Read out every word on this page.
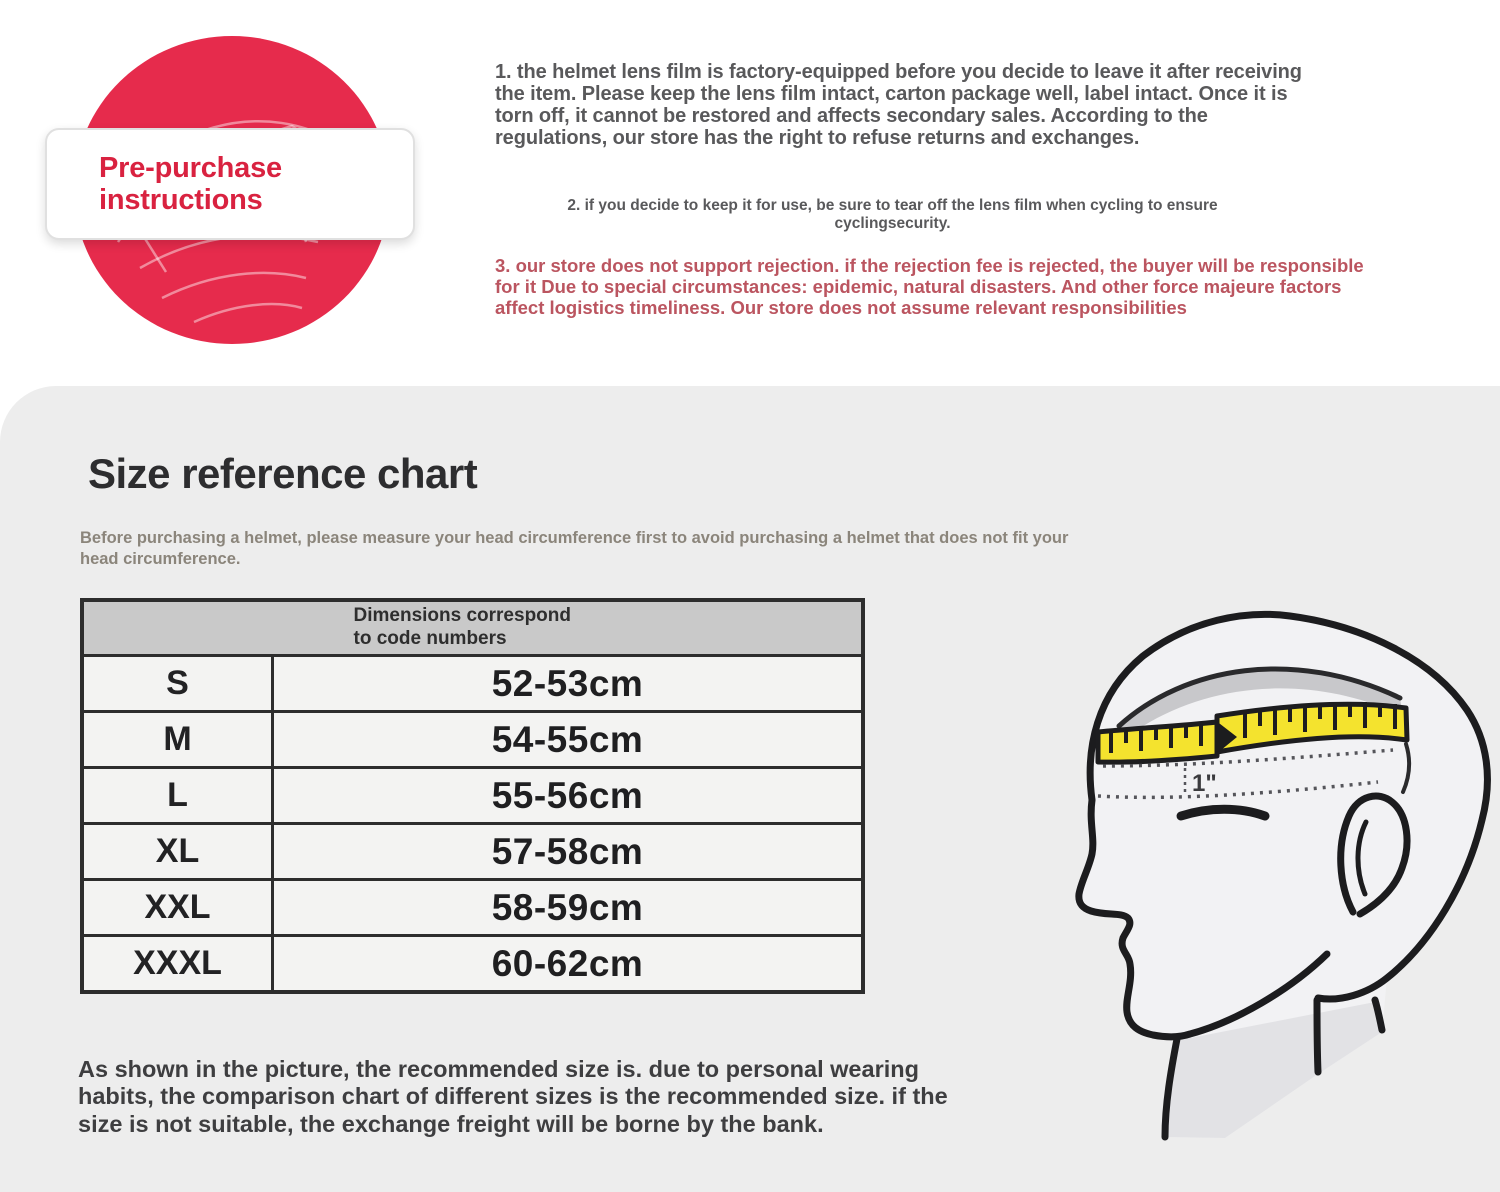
Pre-purchase
instructions
1. the helmet lens film is factory-equipped before you decide to leave it after receiving the item. Please keep the lens film intact, carton package well, label intact. Once it is torn off, it cannot be restored and affects secondary sales. According to the regulations, our store has the right to refuse returns and exchanges.
2. if you decide to keep it for use, be sure to tear off the lens film when cycling to ensure cyclingsecurity.
3. our store does not support rejection. if the rejection fee is rejected, the buyer will be responsible for it Due to special circumstances: epidemic, natural disasters. And other force majeure factors affect logistics timeliness. Our store does not assume relevant responsibilities
Size reference chart
Before purchasing a helmet, please measure your head circumference first to avoid purchasing a helmet that does not fit your head circumference.
Dimensions correspond to code numbers
S	52-53cm
M	54-55cm
L	55-56cm
XL	57-58cm
XXL	58-59cm
XXXL	60-62cm
As shown in the picture, the recommended size is. due to personal wearing habits, the comparison chart of different sizes is the recommended size. if the size is not suitable, the exchange freight will be borne by the bank.
1"
